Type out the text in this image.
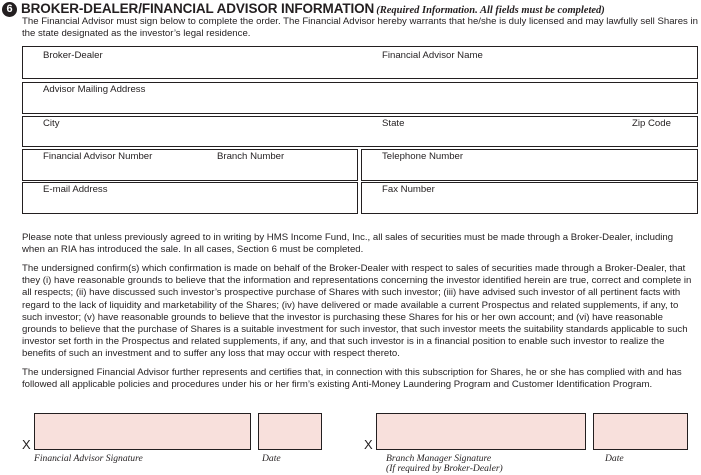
6 BROKER-DEALER/FINANCIAL ADVISOR INFORMATION (Required Information. All fields must be completed)
The Financial Advisor must sign below to complete the order. The Financial Advisor hereby warrants that he/she is duly licensed and may lawfully sell Shares in the state designated as the investor’s legal residence.
Broker-Dealer	Financial Advisor Name
Advisor Mailing Address
City	State	Zip Code
Financial Advisor Number	Branch Number	Telephone Number
E-mail Address	Fax Number
Please note that unless previously agreed to in writing by HMS Income Fund, Inc., all sales of securities must be made through a Broker-Dealer, including when an RIA has introduced the sale. In all cases, Section 6 must be completed.
The undersigned confirm(s) which confirmation is made on behalf of the Broker-Dealer with respect to sales of securities made through a Broker-Dealer, that they (i) have reasonable grounds to believe that the information and representations concerning the investor identified herein are true, correct and complete in all respects; (ii) have discussed such investor’s prospective purchase of Shares with such investor; (iii) have advised such investor of all pertinent facts with regard to the lack of liquidity and marketability of the Shares; (iv) have delivered or made available a current Prospectus and related supplements, if any, to such investor; (v) have reasonable grounds to believe that the investor is purchasing these Shares for his or her own account; and (vi) have reasonable grounds to believe that the purchase of Shares is a suitable investment for such investor, that such investor meets the suitability standards applicable to such investor set forth in the Prospectus and related supplements, if any, and that such investor is in a financial position to enable such investor to realize the benefits of such an investment and to suffer any loss that may occur with respect thereto.
The undersigned Financial Advisor further represents and certifies that, in connection with this subscription for Shares, he or she has complied with and has followed all applicable policies and procedures under his or her firm’s existing Anti-Money Laundering Program and Customer Identification Program.
X	X
Financial Advisor Signature	Date	Branch Manager Signature
(If required by Broker-Dealer)
Date
